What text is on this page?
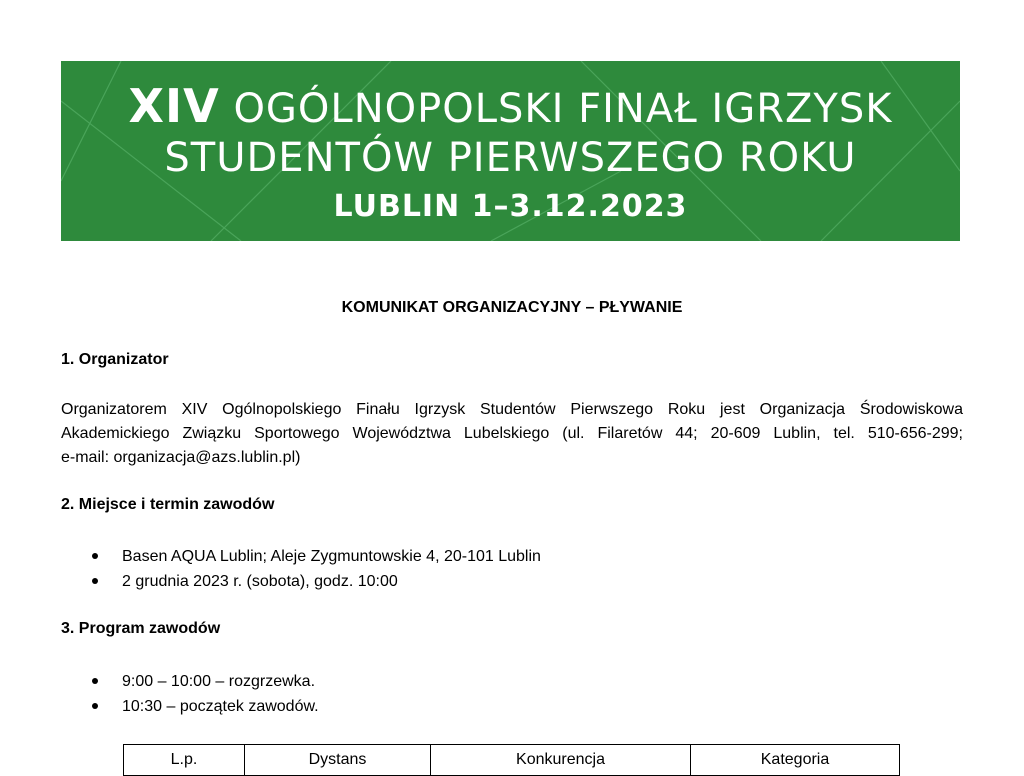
XIV OGÓLNOPOLSKI FINAŁ IGRZYSK
STUDENTÓW PIERWSZEGO ROKU
LUBLIN 1–3.12.2023
KOMUNIKAT ORGANIZACYJNY – PŁYWANIE
1. Organizator
Organizatorem XIV Ogólnopolskiego Finału Igrzysk Studentów Pierwszego Roku jest Organizacja Środowiskowa
Akademickiego Związku Sportowego Województwa Lubelskiego (ul. Filaretów 44; 20-609 Lublin, tel. 510-656-299;
e-mail: organizacja@azs.lublin.pl)
2. Miejsce i termin zawodów
Basen AQUA Lublin; Aleje Zygmuntowskie 4, 20-101 Lublin
2 grudnia 2023 r. (sobota), godz. 10:00
3. Program zawodów
9:00 – 10:00 – rozgrzewka.
10:30 – początek zawodów.
L.p.	Dystans	Konkurencja	Kategoria
